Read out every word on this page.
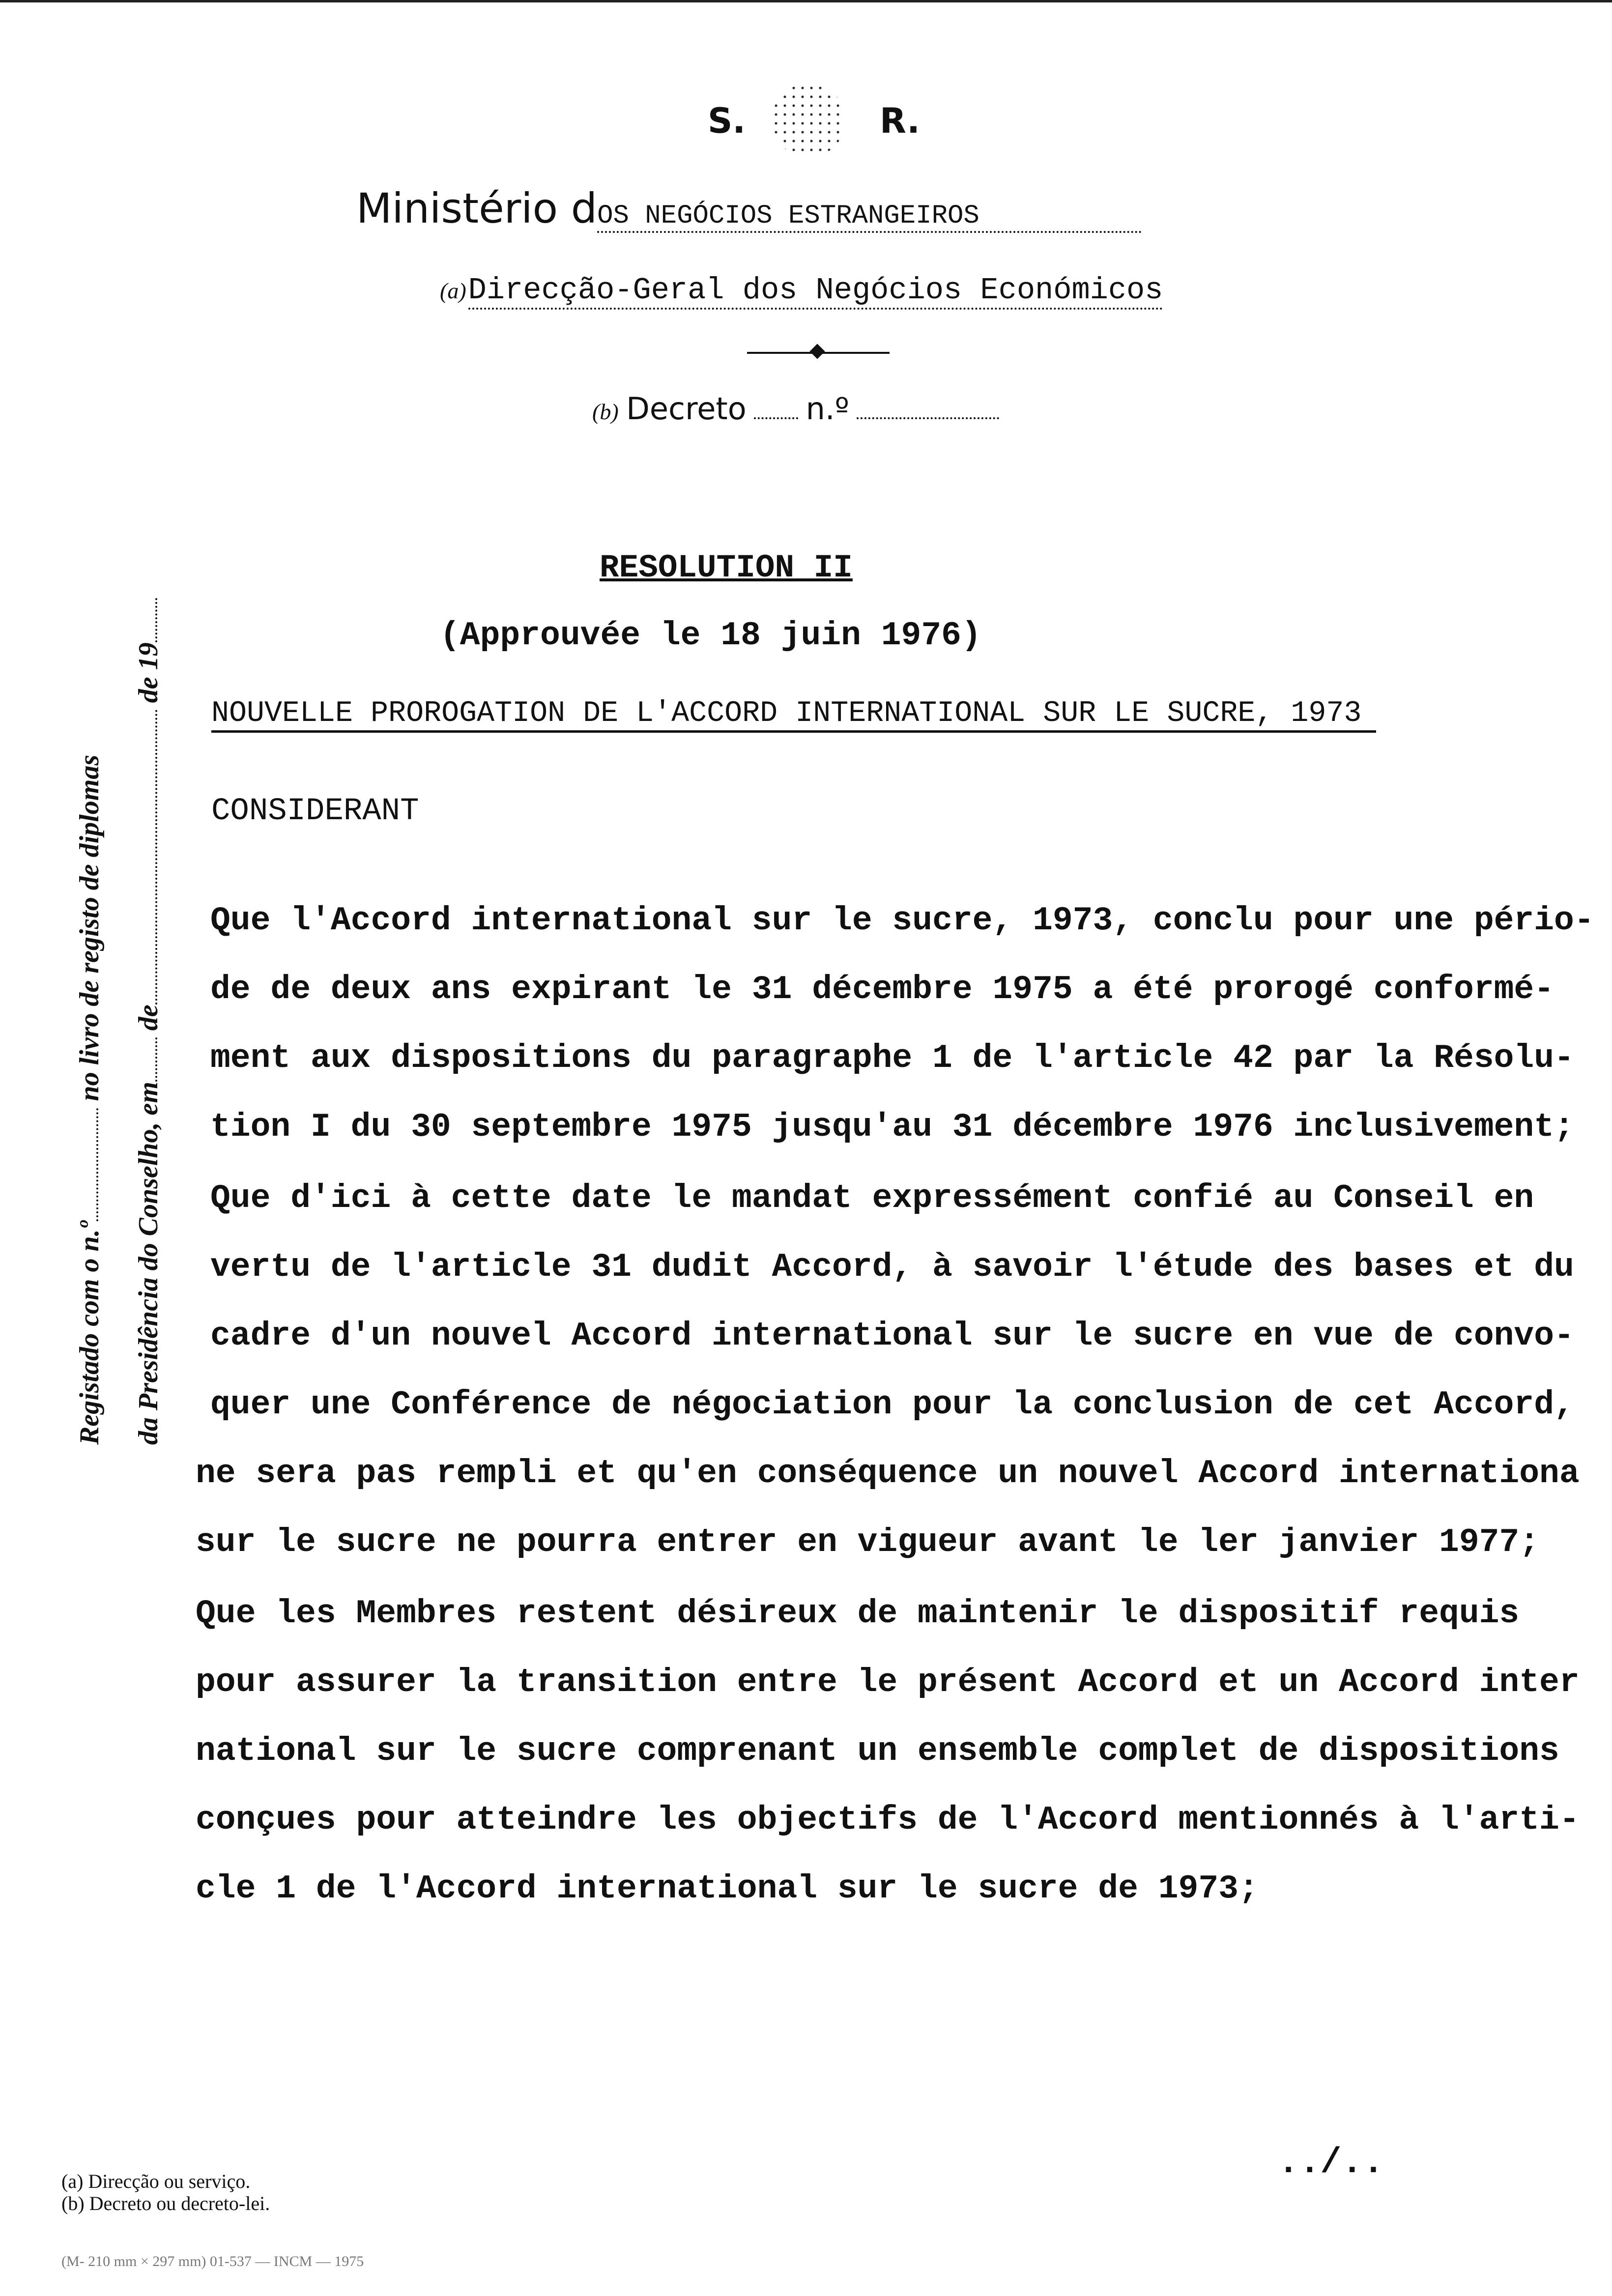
S.	R.
Ministério dOS NEGÓCIOS ESTRANGEIROS
(a) Direcção-Geral dos Negócios Económicos
(b) Decreto n.º
Registado com o n.º no livro de registo de diplomas
da Presidência do Conselho, em de de 19
RESOLUTION II
(Approuvée le 18 juin 1976)
NOUVELLE PROROGATION DE L'ACCORD INTERNATIONAL SUR LE SUCRE, 1973
CONSIDERANT
Que l'Accord international sur le sucre, 1973, conclu pour une pério-
de de deux ans expirant le 31 décembre 1975 a été prorogé conformé-
ment aux dispositions du paragraphe 1 de l'article 42 par la Résolu-
tion I du 30 septembre 1975 jusqu'au 31 décembre 1976 inclusivement;
Que d'ici à cette date le mandat expressément confié au Conseil en
vertu de l'article 31 dudit Accord, à savoir l'étude des bases et du
cadre d'un nouvel Accord international sur le sucre en vue de convo-
quer une Conférence de négociation pour la conclusion de cet Accord,
ne sera pas rempli et qu'en conséquence un nouvel Accord internationa
sur le sucre ne pourra entrer en vigueur avant le ler janvier 1977;
Que les Membres restent désireux de maintenir le dispositif requis
pour assurer la transition entre le présent Accord et un Accord inter
national sur le sucre comprenant un ensemble complet de dispositions
conçues pour atteindre les objectifs de l'Accord mentionnés à l'arti-
cle 1 de l'Accord international sur le sucre de 1973;
../..
(a) Direcção ou serviço.
(b) Decreto ou decreto-lei.
(M- 210 mm × 297 mm) 01-537 — INCM — 1975
